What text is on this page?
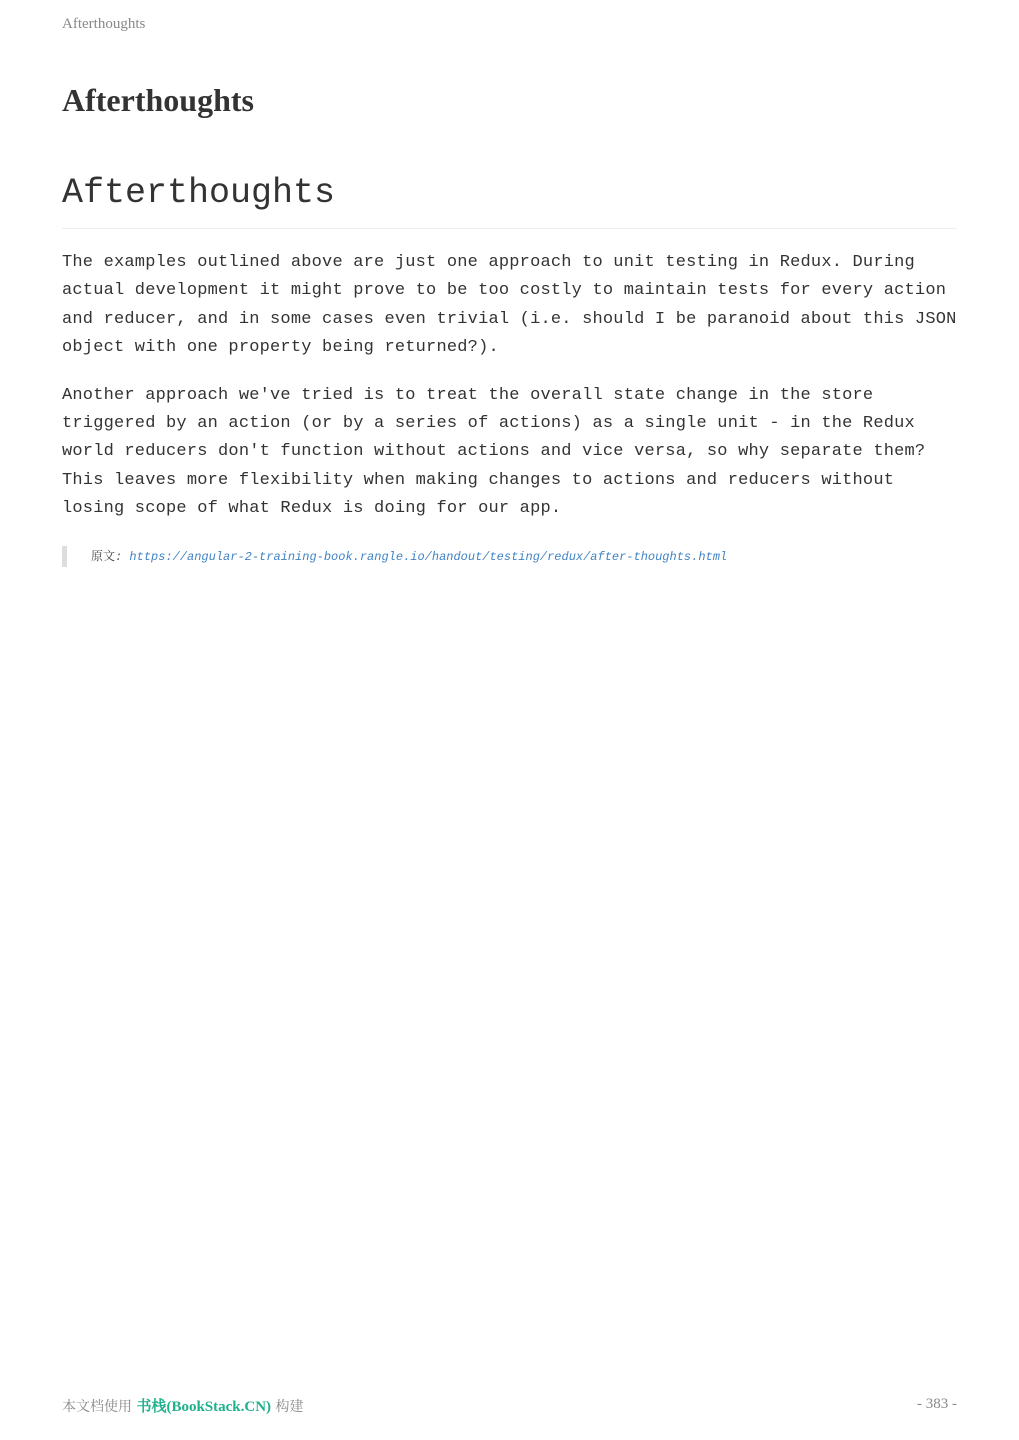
Afterthoughts
Afterthoughts
Afterthoughts

The examples outlined above are just one approach to unit testing in Redux. During actual development it might prove to be too costly to maintain tests for every action and reducer, and in some cases even trivial (i.e. should I be paranoid about this JSON object with one property being returned?).

Another approach we've tried is to treat the overall state change in the store triggered by an action (or by a series of actions) as a single unit - in the Redux world reducers don't function without actions and vice versa, so why separate them? This leaves more flexibility when making changes to actions and reducers without losing scope of what Redux is doing for our app.

原文: https://angular-2-training-book.rangle.io/handout/testing/redux/after-thoughts.html
本文档使用 书栈(BookStack.CN) 构建	- 383 -
